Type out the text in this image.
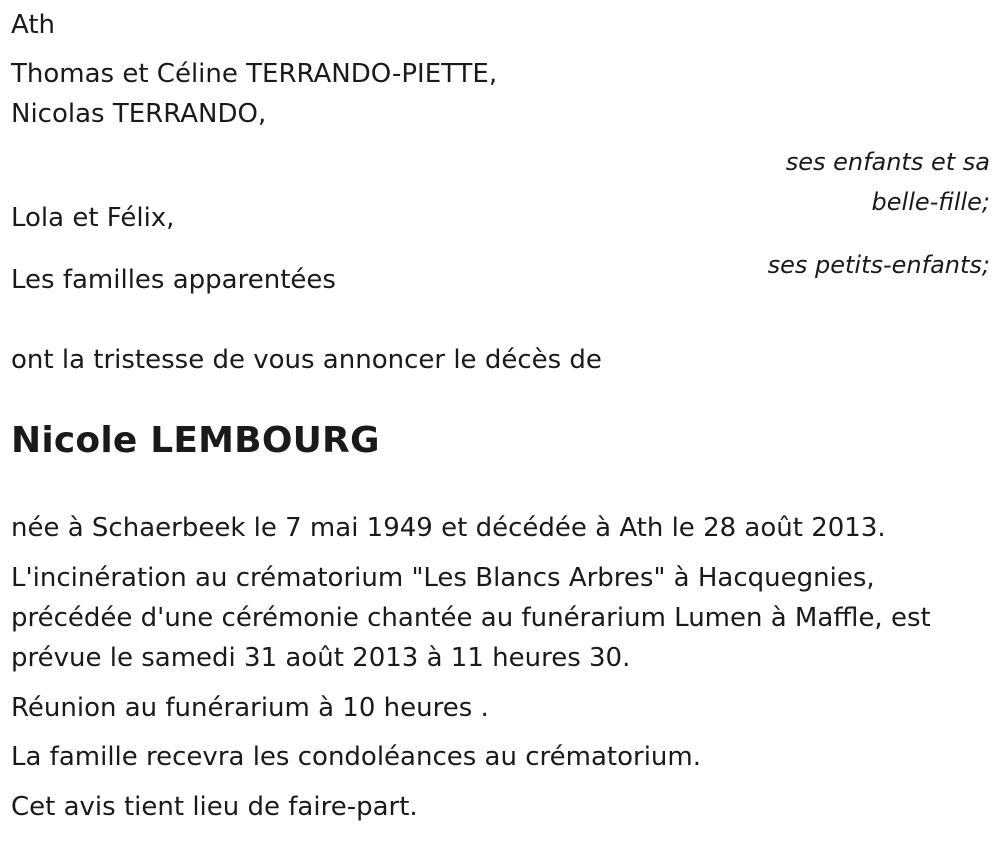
Ath

Thomas et Céline TERRANDO-PIETTE,

Nicolas TERRANDO,

ses enfants et sa

belle-fille;

Lola et Félix,

ses petits-enfants;

Les familles apparentées

ont la tristesse de vous annoncer le décès de

Nicole LEMBOURG

née à Schaerbeek le 7 mai 1949 et décédée à Ath le 28 août 2013.

L'incinération au crématorium "Les Blancs Arbres" à Hacquegnies,

précédée d'une cérémonie chantée au funérarium Lumen à Maffle, est

prévue le samedi 31 août 2013 à 11 heures 30.

Réunion au funérarium à 10 heures .

La famille recevra les condoléances au crématorium.

Cet avis tient lieu de faire-part.
